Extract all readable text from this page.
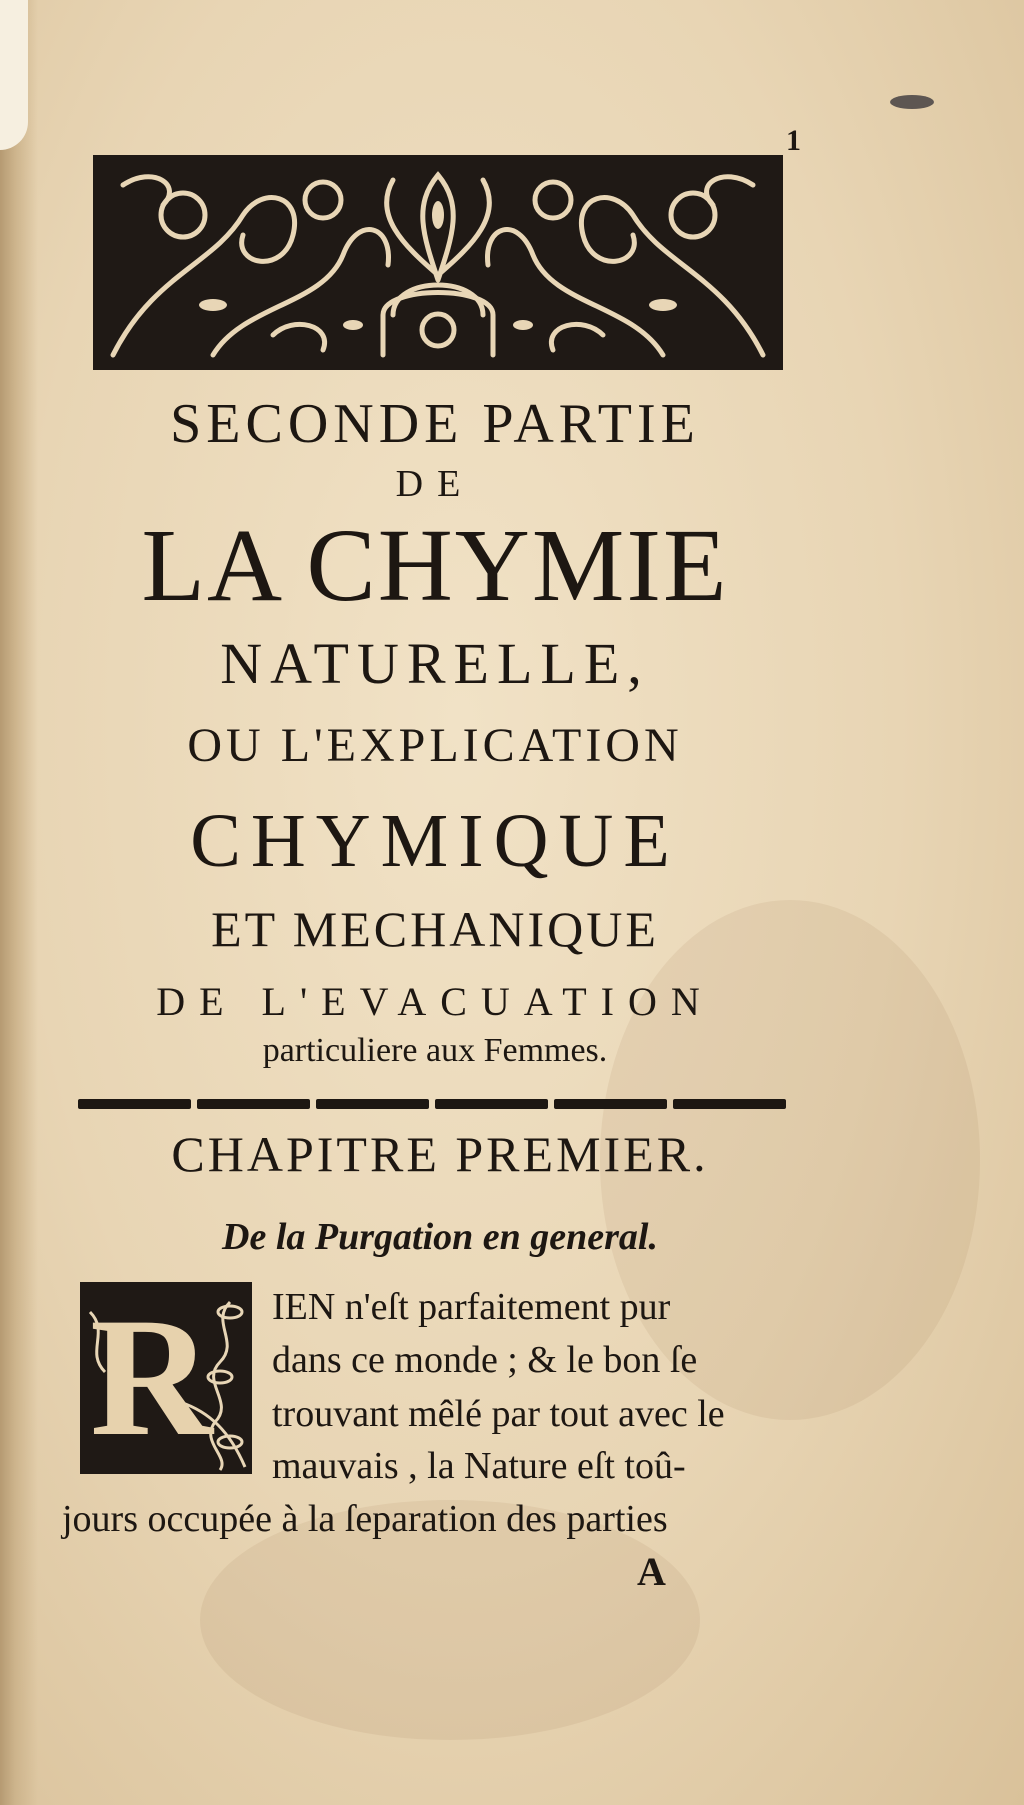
1
SECONDE PARTIE
DE
LA CHYMIE
NATURELLE,
OU L'EXPLICATION
CHYMIQUE
ET MECHANIQUE
DE L'EVACUATION
particuliere aux Femmes.
CHAPITRE PREMIER.
De la Purgation en general.
R IEN n'eſt parfaitement pur
dans ce monde ; & le bon ſe
trouvant mêlé par tout avec le
mauvais , la Nature eſt toû-
jours occupée à la ſeparation des parties
A
